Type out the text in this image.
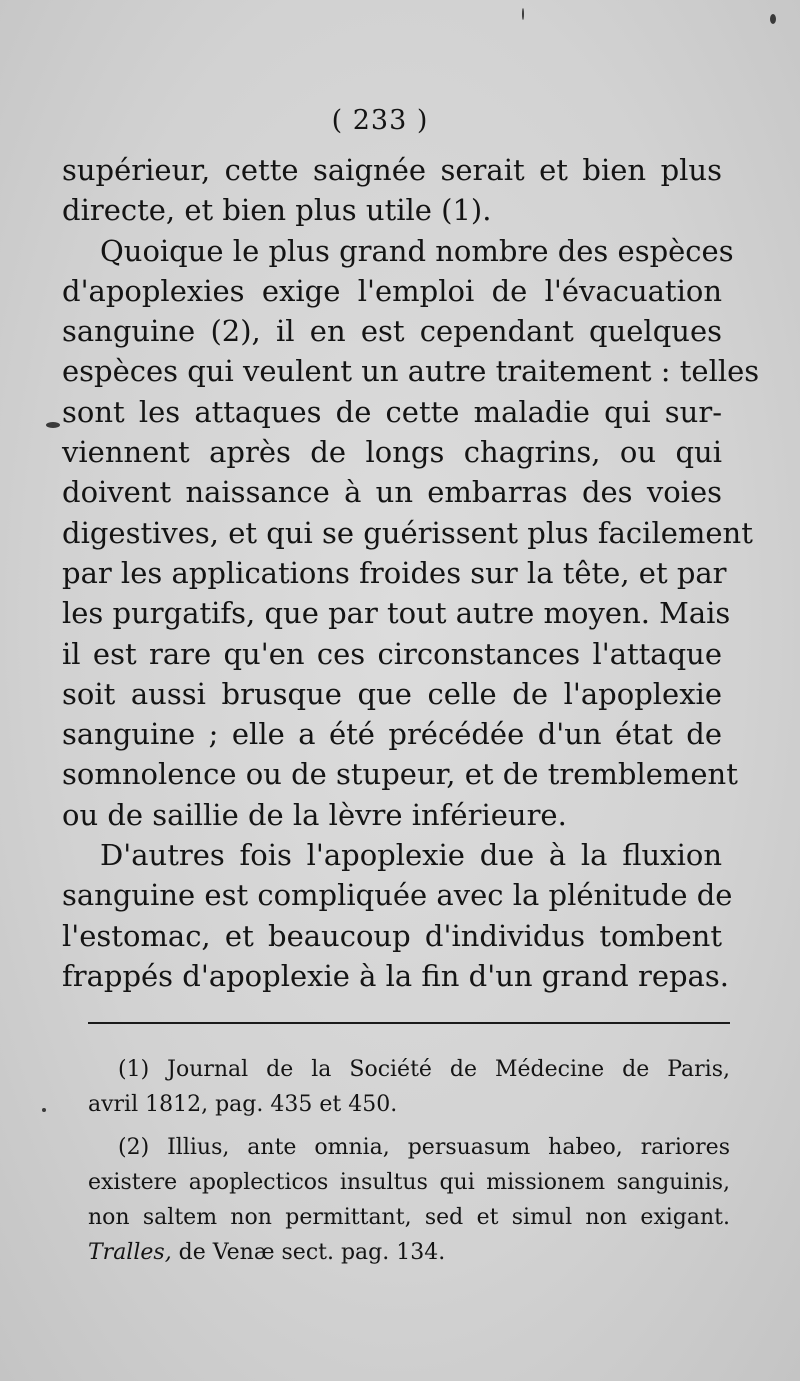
( 233 )
supérieur, cette saignée serait et bien plus
directe, et bien plus utile (1).
Quoique le plus grand nombre des espèces
d'apoplexies exige l'emploi de l'évacuation
sanguine (2), il en est cependant quelques
espèces qui veulent un autre traitement : telles
sont les attaques de cette maladie qui sur-
viennent après de longs chagrins, ou qui
doivent naissance à un embarras des voies
digestives, et qui se guérissent plus facilement
par les applications froides sur la tête, et par
les purgatifs, que par tout autre moyen. Mais
il est rare qu'en ces circonstances l'attaque
soit aussi brusque que celle de l'apoplexie
sanguine ; elle a été précédée d'un état de
somnolence ou de stupeur, et de tremblement
ou de saillie de la lèvre inférieure.
D'autres fois l'apoplexie due à la fluxion
sanguine est compliquée avec la plénitude de
l'estomac, et beaucoup d'individus tombent
frappés d'apoplexie à la fin d'un grand repas.
(1) Journal de la Société de Médecine de Paris,
avril 1812, pag. 435 et 450.
(2) Illius, ante omnia, persuasum habeo, rariores
existere apoplecticos insultus qui missionem sanguinis,
non saltem non permittant, sed et simul non exigant.
Tralles, de Venæ sect. pag. 134.
